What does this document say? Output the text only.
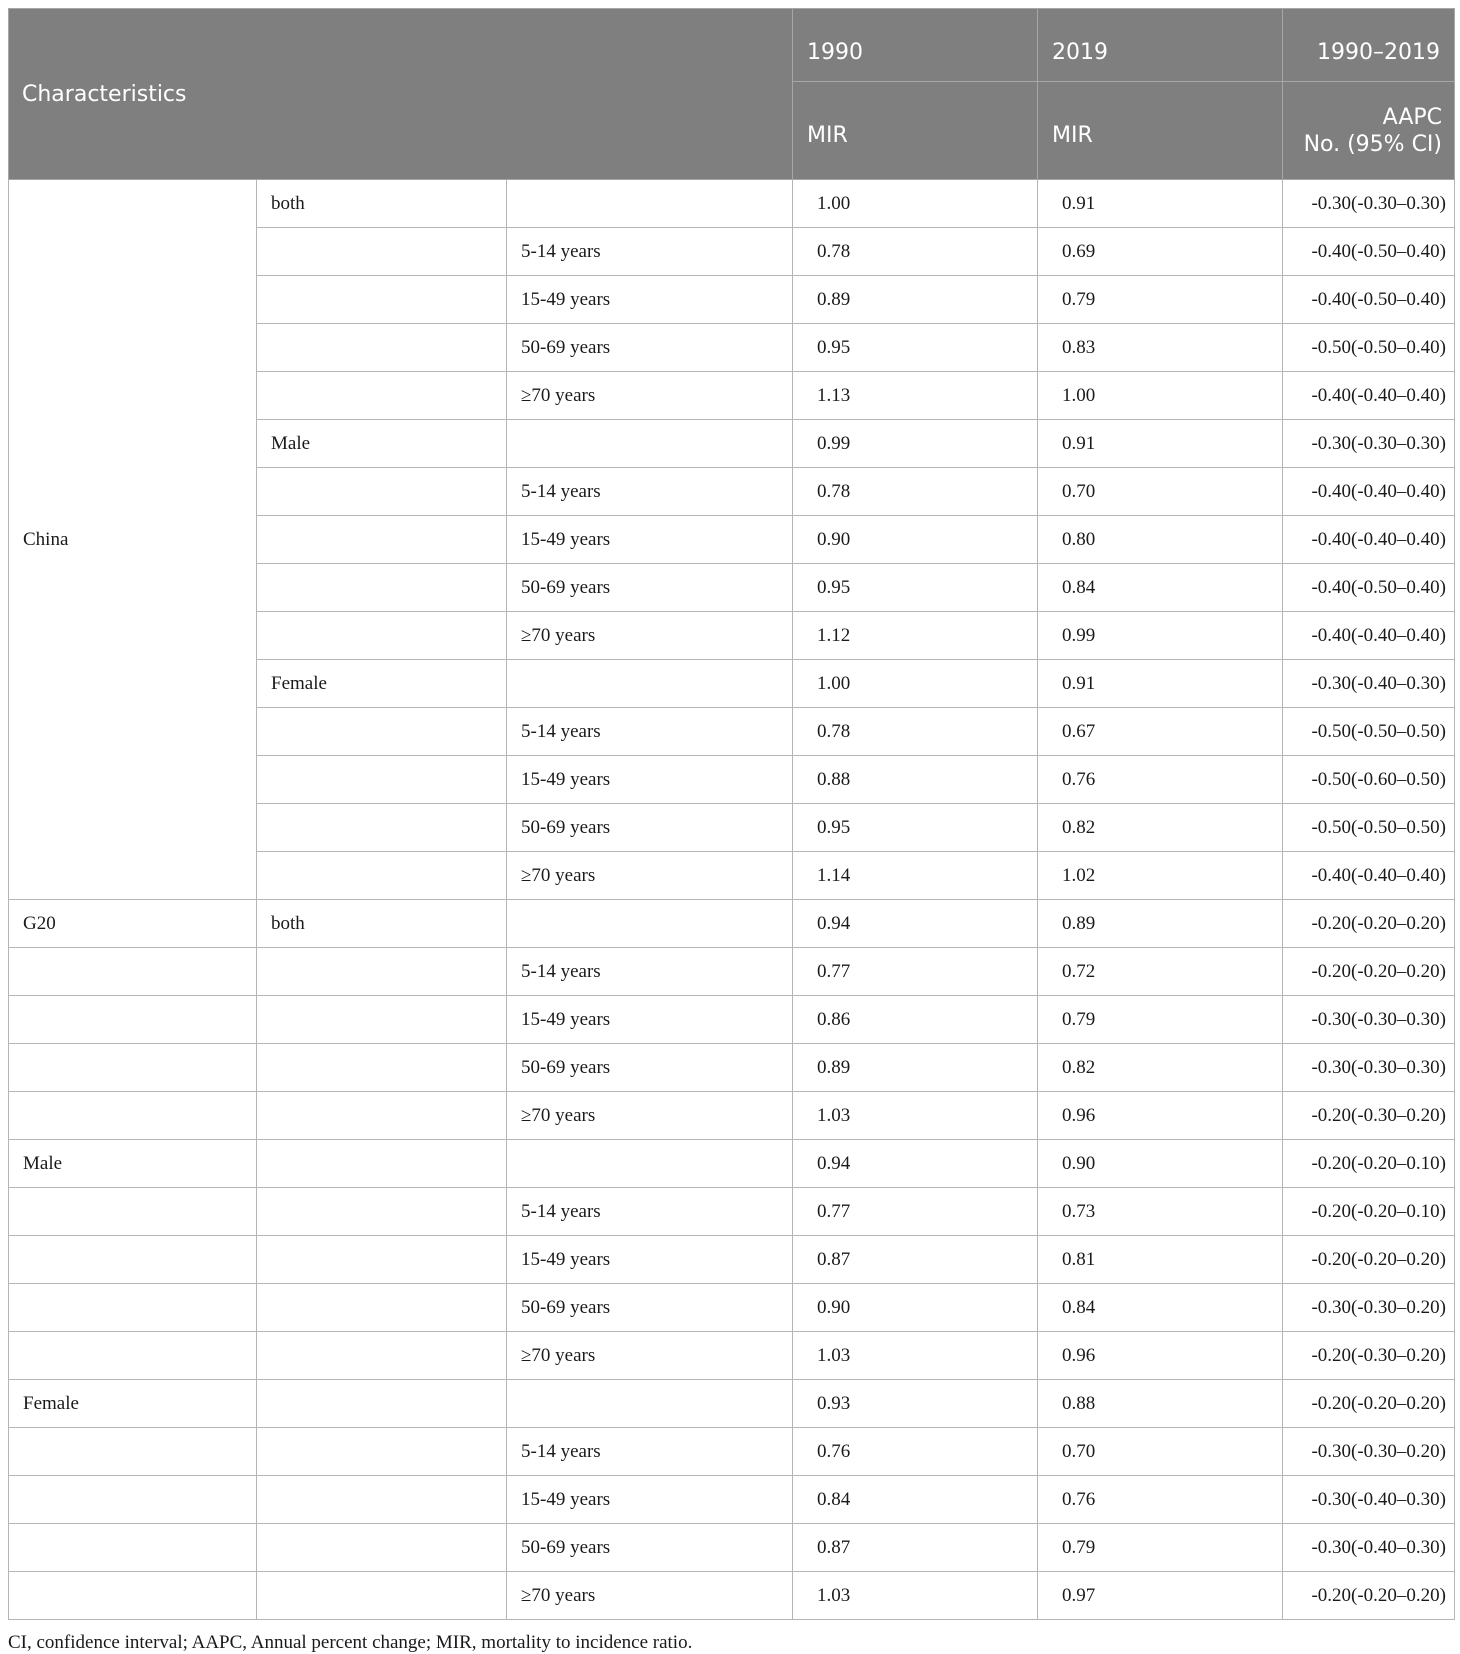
Characteristics			1990	2019	1990–2019
			MIR	MIR	AAPC
No. (95% CI)

China	both		1.00	0.91	-0.30(-0.30–0.30)
		5-14 years	0.78	0.69	-0.40(-0.50–0.40)
		15-49 years	0.89	0.79	-0.40(-0.50–0.40)
		50-69 years	0.95	0.83	-0.50(-0.50–0.40)
		≥70 years	1.13	1.00	-0.40(-0.40–0.40)
	Male		0.99	0.91	-0.30(-0.30–0.30)
		5-14 years	0.78	0.70	-0.40(-0.40–0.40)
		15-49 years	0.90	0.80	-0.40(-0.40–0.40)
		50-69 years	0.95	0.84	-0.40(-0.50–0.40)
		≥70 years	1.12	0.99	-0.40(-0.40–0.40)
	Female		1.00	0.91	-0.30(-0.40–0.30)
		5-14 years	0.78	0.67	-0.50(-0.50–0.50)
		15-49 years	0.88	0.76	-0.50(-0.60–0.50)
		50-69 years	0.95	0.82	-0.50(-0.50–0.50)
		≥70 years	1.14	1.02	-0.40(-0.40–0.40)
G20	both		0.94	0.89	-0.20(-0.20–0.20)
		5-14 years	0.77	0.72	-0.20(-0.20–0.20)
		15-49 years	0.86	0.79	-0.30(-0.30–0.30)
		50-69 years	0.89	0.82	-0.30(-0.30–0.30)
		≥70 years	1.03	0.96	-0.20(-0.30–0.20)
Male			0.94	0.90	-0.20(-0.20–0.10)
		5-14 years	0.77	0.73	-0.20(-0.20–0.10)
		15-49 years	0.87	0.81	-0.20(-0.20–0.20)
		50-69 years	0.90	0.84	-0.30(-0.30–0.20)
		≥70 years	1.03	0.96	-0.20(-0.30–0.20)
Female			0.93	0.88	-0.20(-0.20–0.20)
		5-14 years	0.76	0.70	-0.30(-0.30–0.20)
		15-49 years	0.84	0.76	-0.30(-0.40–0.30)
		50-69 years	0.87	0.79	-0.30(-0.40–0.30)
		≥70 years	1.03	0.97	-0.20(-0.20–0.20)
CI, confidence interval; AAPC, Annual percent change; MIR, mortality to incidence ratio.
